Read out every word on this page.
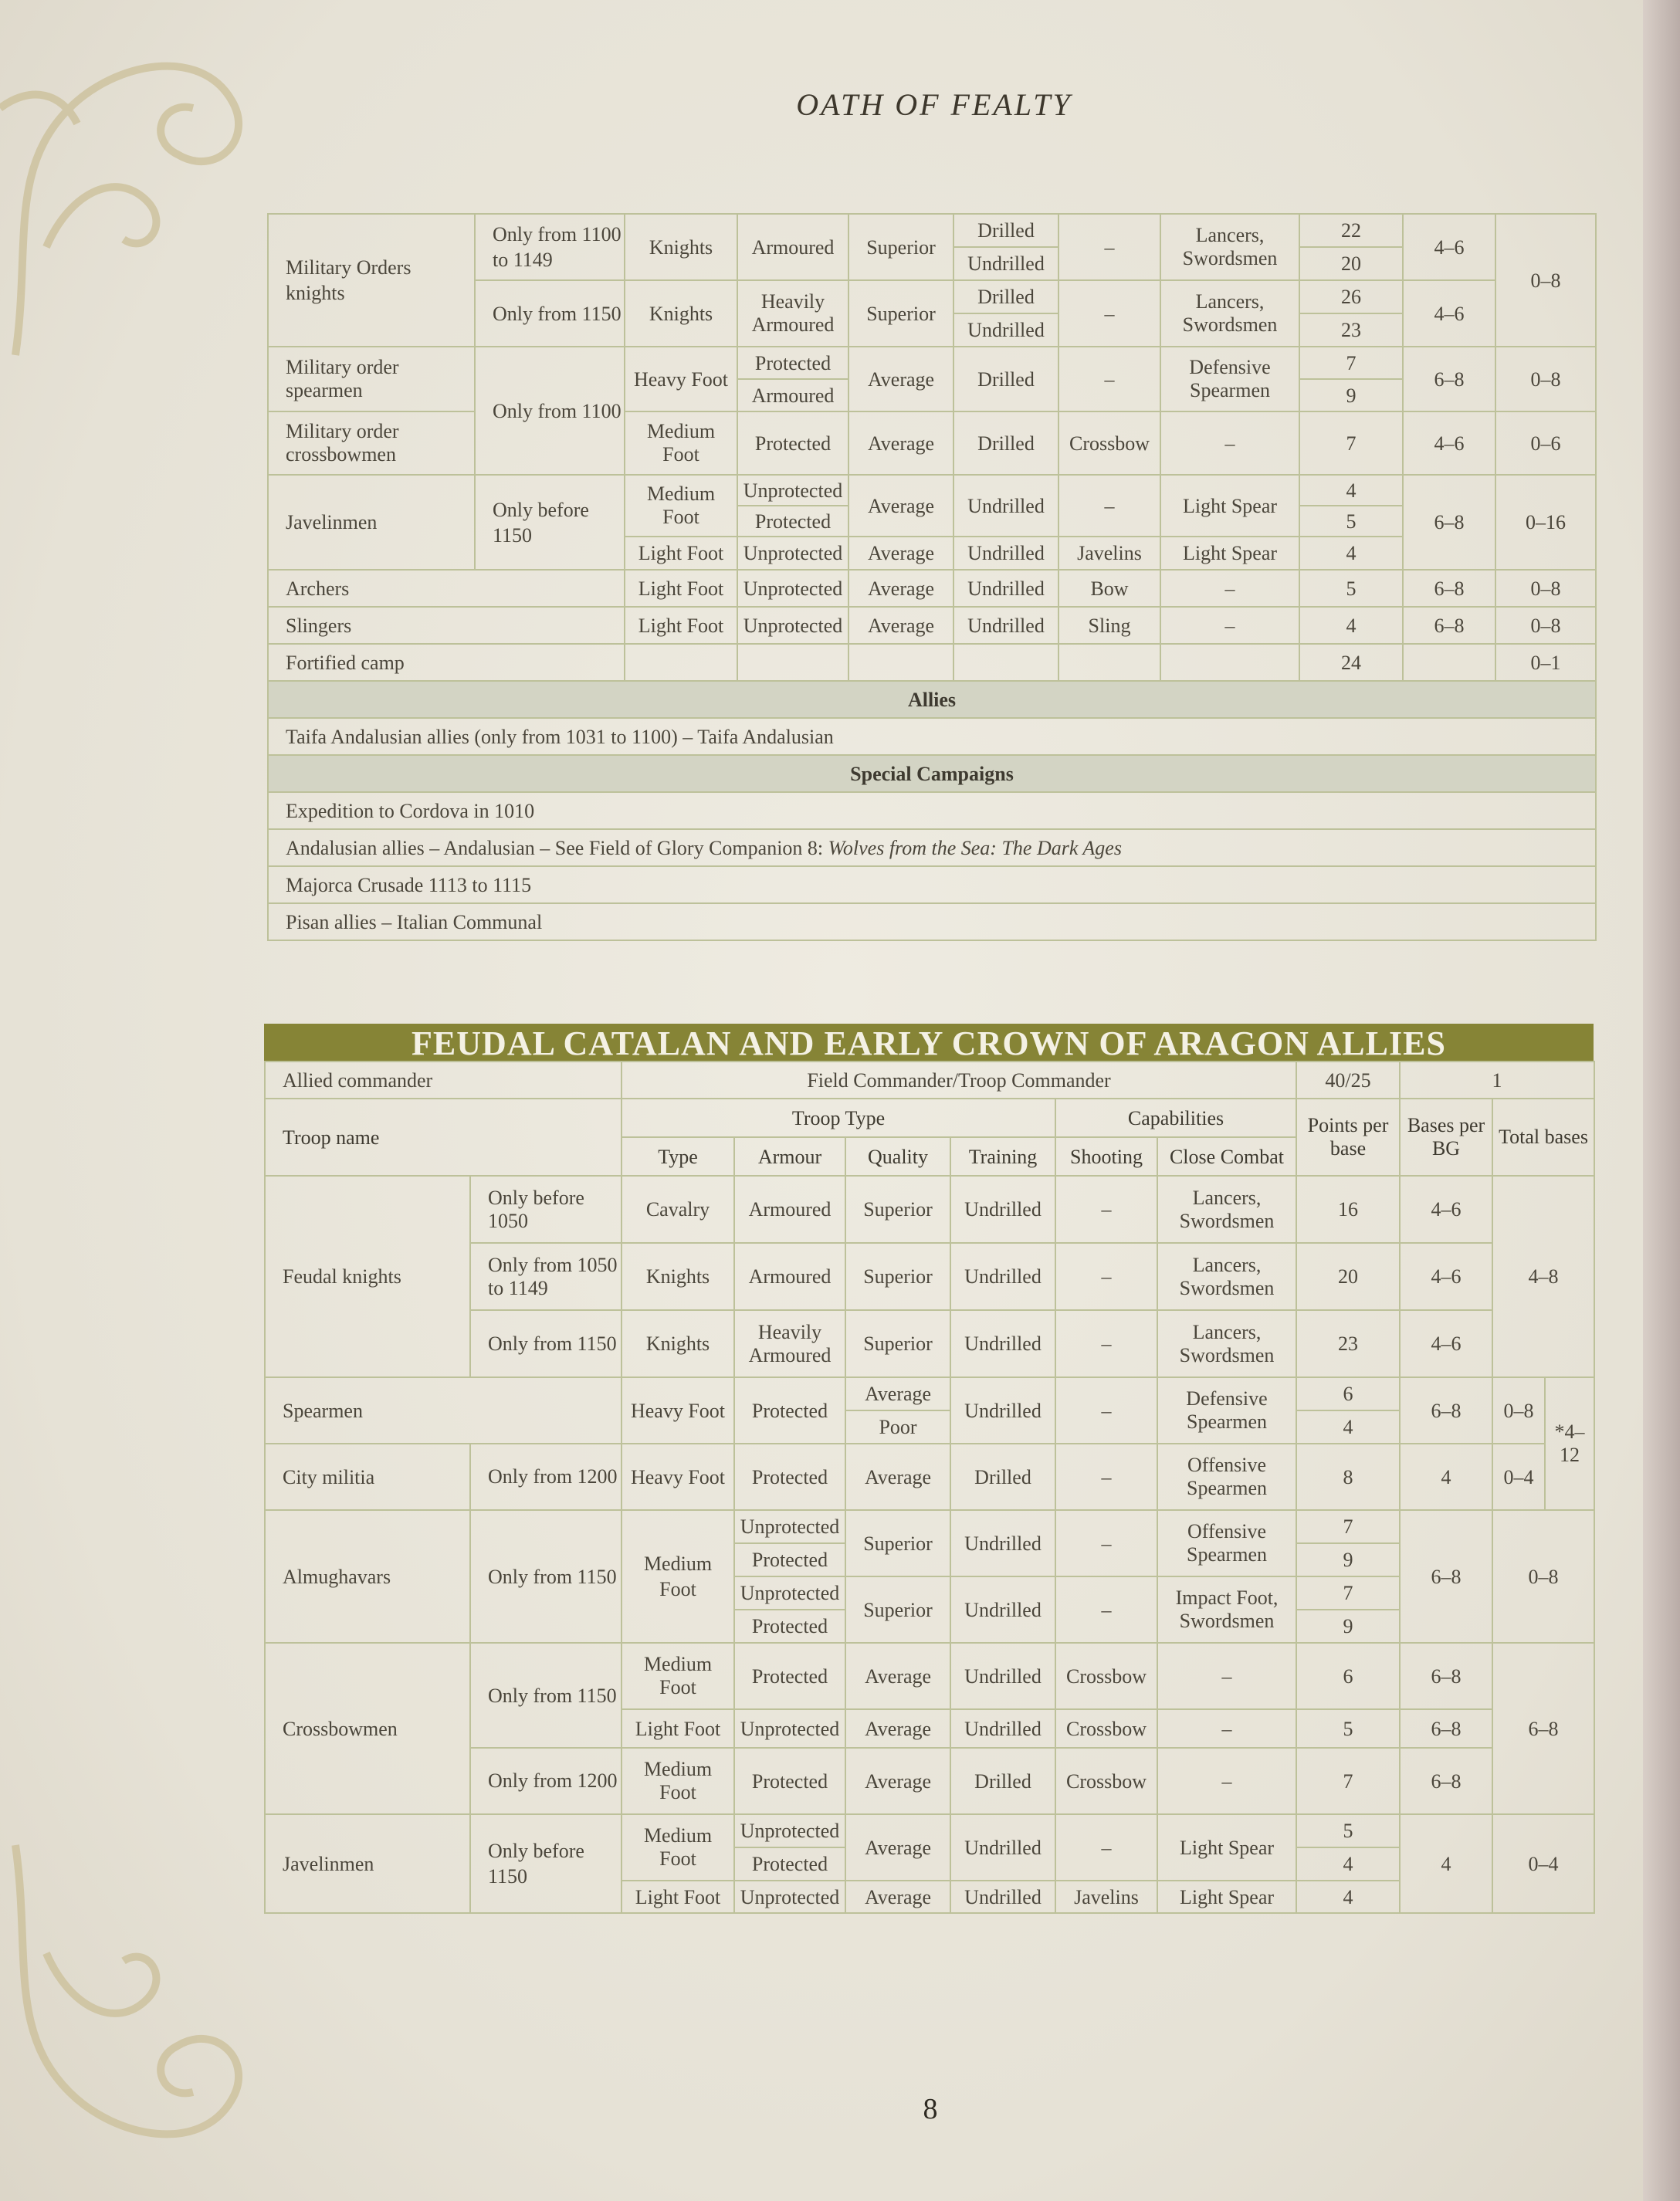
OATH OF FEALTY
Military Orders knights	Only from 1100 to 1149	Knights	Armoured	Superior	Drilled	–	Lancers, Swordsmen	22	4–6	0–8
					Undrilled			20		
	Only from 1150	Knights	Heavily Armoured	Superior	Drilled	–	Lancers, Swordsmen	26	4–6	
					Undrilled			23		
Military order spearmen	Only from 1100	Heavy Foot	Protected	Average	Drilled	–	Defensive Spearmen	7	6–8	0–8
			Armoured					9		
Military order crossbowmen		Medium Foot	Protected	Average	Drilled	Crossbow	–	7	4–6	0–6

Javelinmen	Only before 1150	Medium Foot	Unprotected	Average	Undrilled	–	Light Spear	4	6–8	0–16
			Protected					5		
		Light Foot	Unprotected	Average	Undrilled	Javelins	Light Spear	4		
Archers		Light Foot	Unprotected	Average	Undrilled	Bow	–	5	6–8	0–8
Slingers		Light Foot	Unprotected	Average	Undrilled	Sling	–	4	6–8	0–8
Fortified camp								24		0–1
Allies										
Taifa Andalusian allies (only from 1031 to 1100) – Taifa Andalusian										
Special Campaigns										
Expedition to Cordova in 1010										
Andalusian allies – Andalusian – See Field of Glory Companion 8: Wolves from the Sea: The Dark Ages										
Majorca Crusade 1113 to 1115										
Pisan allies – Italian Communal										
FEUDAL CATALAN AND EARLY CROWN OF ARAGON ALLIES
Allied commander		Field Commander/Troop Commander						40/25	1		
Troop name		Troop Type				Capabilities		Points per base	Bases per BG	Total bases	
		Type	Armour	Quality	Training	Shooting	Close Combat				
Feudal knights	Only before 1050	Cavalry	Armoured	Superior	Undrilled	–	Lancers, Swordsmen	16	4–6	4–8	
	Only from 1050 to 1149	Knights	Armoured	Superior	Undrilled	–	Lancers, Swordsmen	20	4–6		
	Only from 1150	Knights	Heavily Armoured	Superior	Undrilled	–	Lancers, Swordsmen	23	4–6		
Spearmen		Heavy Foot	Protected	Average	Undrilled	–	Defensive Spearmen	6	6–8	0–8	*4–12
				Poor				4			
City militia	Only from 1200	Heavy Foot	Protected	Average	Drilled	–	Offensive Spearmen	8	4	0–4	

Almughavars	Only from 1150	Medium Foot	Unprotected	Superior	Undrilled	–	Offensive Spearmen	7	6–8	0–8	
			Protected					9			
			Unprotected	Superior	Undrilled	–	Impact Foot, Swordsmen	7			
			Protected					9			
Crossbowmen	Only from 1150	Medium Foot	Protected	Average	Undrilled	Crossbow	–	6	6–8	6–8	
		Light Foot	Unprotected	Average	Undrilled	Crossbow	–	5	6–8		
	Only from 1200	Medium Foot	Protected	Average	Drilled	Crossbow	–	7	6–8		
Javelinmen	Only before 1150	Medium Foot	Unprotected	Average	Undrilled	–	Light Spear	5	4	0–4	
			Protected					4			
		Light Foot	Unprotected	Average	Undrilled	Javelins	Light Spear	4			
8
